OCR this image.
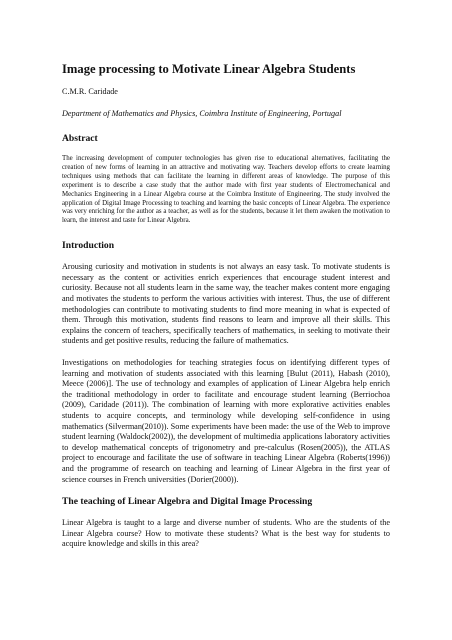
Image processing to Motivate Linear Algebra Students

C.M.R. Caridade

Department of Mathematics and Physics, Coimbra Institute of Engineering, Portugal

Abstract

The increasing development of computer technologies has given rise to educational alternatives, facilitating the creation of new forms of learning in an attractive and motivating way. Teachers develop efforts to create learning techniques using methods that can facilitate the learning in different areas of knowledge. The purpose of this experiment is to describe a case study that the author made with first year students of Electromechanical and Mechanics Engineering in a Linear Algebra course at the Coimbra Institute of Engineering. The study involved the application of Digital Image Processing to teaching and learning the basic concepts of Linear Algebra. The experience was very enriching for the author as a teacher, as well as for the students, because it let them awaken the motivation to learn, the interest and taste for Linear Algebra.

Introduction

Arousing curiosity and motivation in students is not always an easy task. To motivate students is necessary as the content or activities enrich experiences that encourage student interest and curiosity. Because not all students learn in the same way, the teacher makes content more engaging and motivates the students to perform the various activities with interest. Thus, the use of different methodologies can contribute to motivating students to find more meaning in what is expected of them. Through this motivation, students find reasons to learn and improve all their skills. This explains the concern of teachers, specifically teachers of mathematics, in seeking to motivate their students and get positive results, reducing the failure of mathematics.

Investigations on methodologies for teaching strategies focus on identifying different types of learning and motivation of students associated with this learning [Bulut (2011), Habash (2010), Meece (2006)]. The use of technology and examples of application of Linear Algebra help enrich the traditional methodology in order to facilitate and encourage student learning (Berriochoa (2009), Caridade (2011)). The combination of learning with more explorative activities enables students to acquire concepts, and terminology while developing self-confidence in using mathematics (Silverman(2010)). Some experiments have been made: the use of the Web to improve student learning (Waldock(2002)), the development of multimedia applications laboratory activities to develop mathematical concepts of trigonometry and pre-calculus (Rosen(2005)), the ATLAS project to encourage and facilitate the use of software in teaching Linear Algebra (Roberts(1996)) and the programme of research on teaching and learning of Linear Algebra in the first year of science courses in French universities (Dorier(2000)).

The teaching of Linear Algebra and Digital Image Processing

Linear Algebra is taught to a large and diverse number of students. Who are the students of the Linear Algebra course? How to motivate these students? What is the best way for students to acquire knowledge and skills in this area?
